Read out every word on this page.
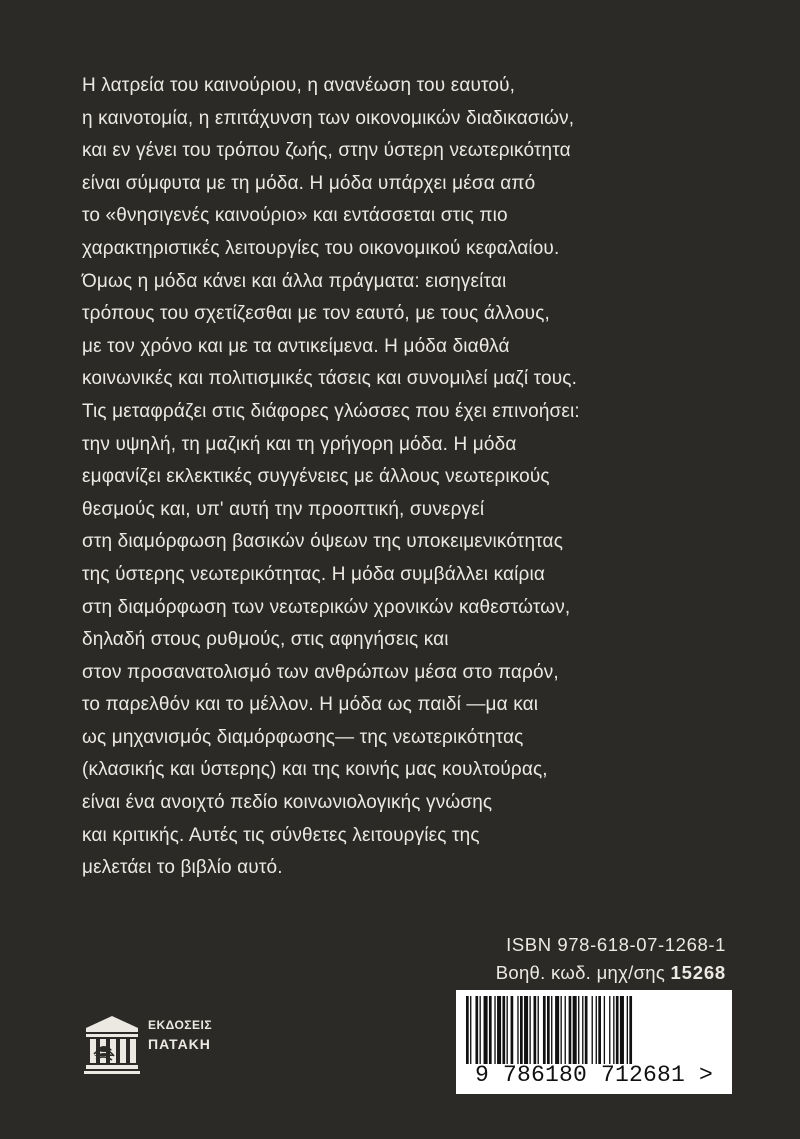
Η λατρεία του καινούριου, η ανανέωση του εαυτού,
η καινοτομία, η επιτάχυνση των οικονομικών διαδικασιών,
και εν γένει του τρόπου ζωής, στην ύστερη νεωτερικότητα
είναι σύμφυτα με τη μόδα. Η μόδα υπάρχει μέσα από
το «θνησιγενές καινούριο» και εντάσσεται στις πιο
χαρακτηριστικές λειτουργίες του οικονομικού κεφαλαίου.
Όμως η μόδα κάνει και άλλα πράγματα: εισηγείται
τρόπους του σχετίζεσθαι με τον εαυτό, με τους άλλους,
με τον χρόνο και με τα αντικείμενα. Η μόδα διαθλά
κοινωνικές και πολιτισμικές τάσεις και συνομιλεί μαζί τους.
Τις μεταφράζει στις διάφορες γλώσσες που έχει επινοήσει:
την υψηλή, τη μαζική και τη γρήγορη μόδα. Η μόδα
εμφανίζει εκλεκτικές συγγένειες με άλλους νεωτερικούς
θεσμούς και, υπ' αυτή την προοπτική, συνεργεί
στη διαμόρφωση βασικών όψεων της υποκειμενικότητας
της ύστερης νεωτερικότητας. Η μόδα συμβάλλει καίρια
στη διαμόρφωση των νεωτερικών χρονικών καθεστώτων,
δηλαδή στους ρυθμούς, στις αφηγήσεις και
στον προσανατολισμό των ανθρώπων μέσα στο παρόν,
το παρελθόν και το μέλλον. Η μόδα ως παιδί —μα και
ως μηχανισμός διαμόρφωσης— της νεωτερικότητας
(κλασικής και ύστερης) και της κοινής μας κουλτούρας,
είναι ένα ανοιχτό πεδίο κοινωνιολογικής γνώσης
και κριτικής. Αυτές τις σύνθετες λειτουργίες της
μελετάει το βιβλίο αυτό.
ISBN 978-618-07-1268-1
Βοηθ. κωδ. μηχ/σης 15268
ΕΚΔΟΣΕΙΣ
ΠΑΤΑΚΗ
9 786180 712681 >
